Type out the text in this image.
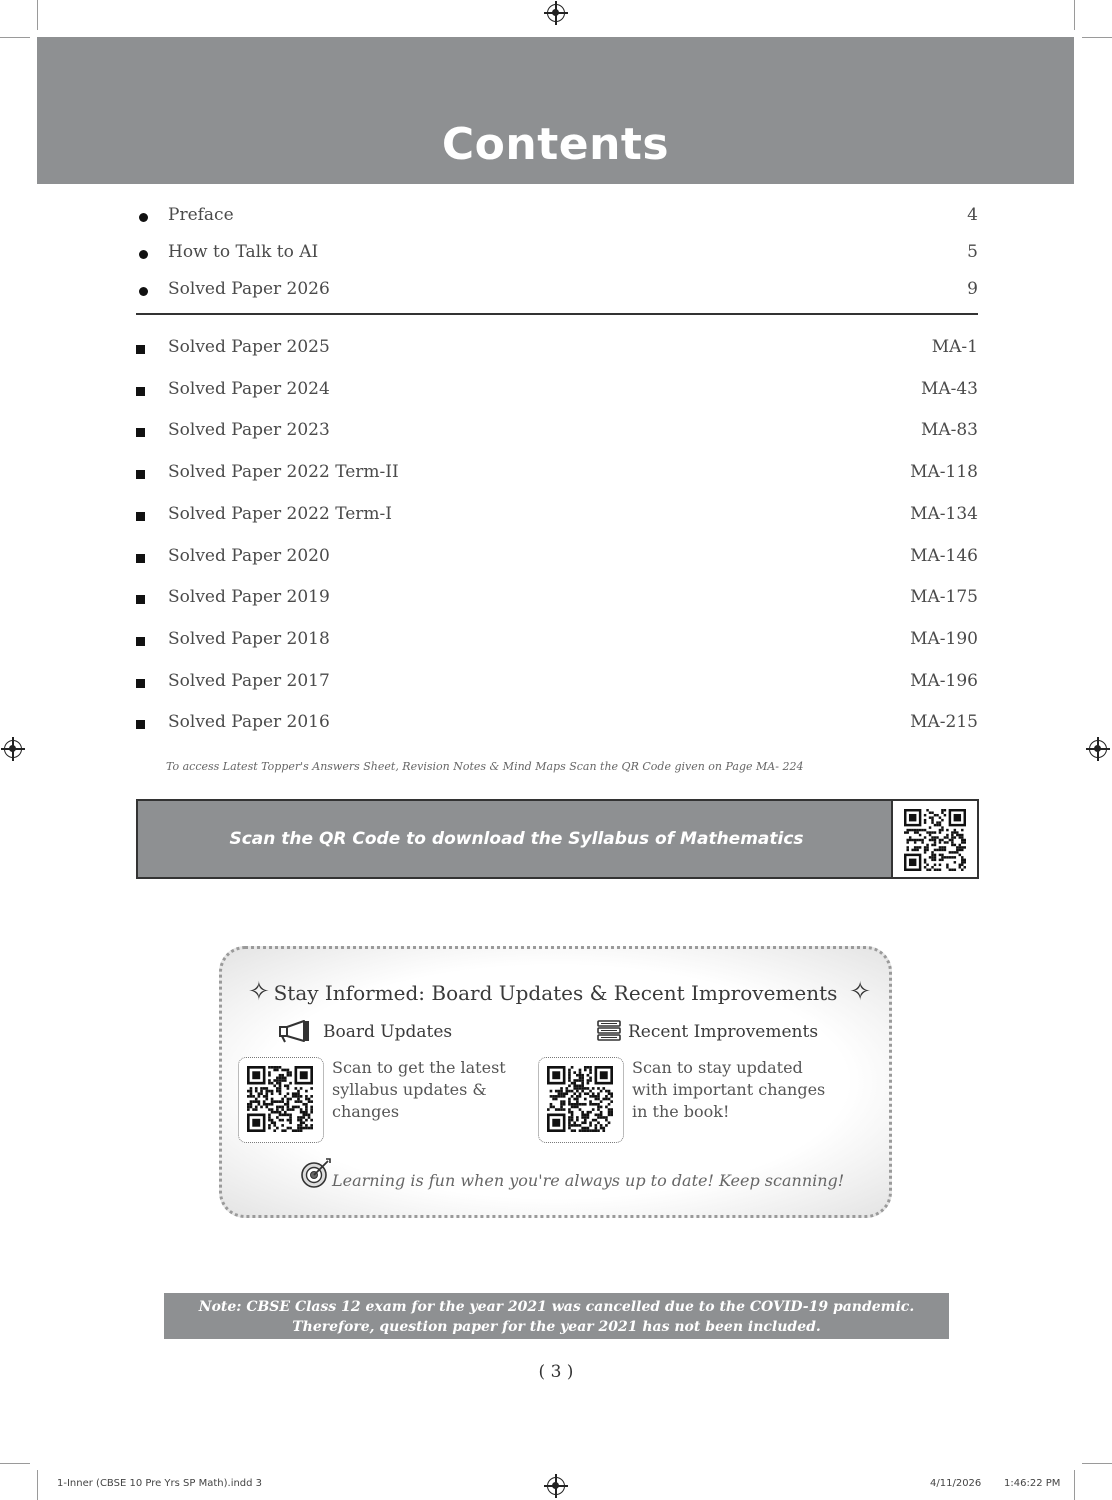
Contents
Preface	4
How to Talk to AI	5
Solved Paper 2026	9
Solved Paper 2025	MA-1
Solved Paper 2024	MA-43
Solved Paper 2023	MA-83
Solved Paper 2022 Term-II	MA-118
Solved Paper 2022 Term-I	MA-134
Solved Paper 2020	MA-146
Solved Paper 2019	MA-175
Solved Paper 2018	MA-190
Solved Paper 2017	MA-196
Solved Paper 2016	MA-215
To access Latest Topper's Answers Sheet, Revision Notes & Mind Maps Scan the QR Code given on Page MA- 224
Scan the QR Code to download the Syllabus of Mathematics
✧ Stay Informed: Board Updates & Recent Improvements ✧
Board Updates	Recent Improvements
Scan to get the latest syllabus updates & changes
Scan to stay updated with important changes in the book!
Learning is fun when you're always up to date! Keep scanning!
Note: CBSE Class 12 exam for the year 2021 was cancelled due to the COVID-19 pandemic.
Therefore, question paper for the year 2021 has not been included.
( 3 )
1-Inner (CBSE 10 Pre Yrs SP Math).indd 3	4/11/2026 1:46:22 PM
